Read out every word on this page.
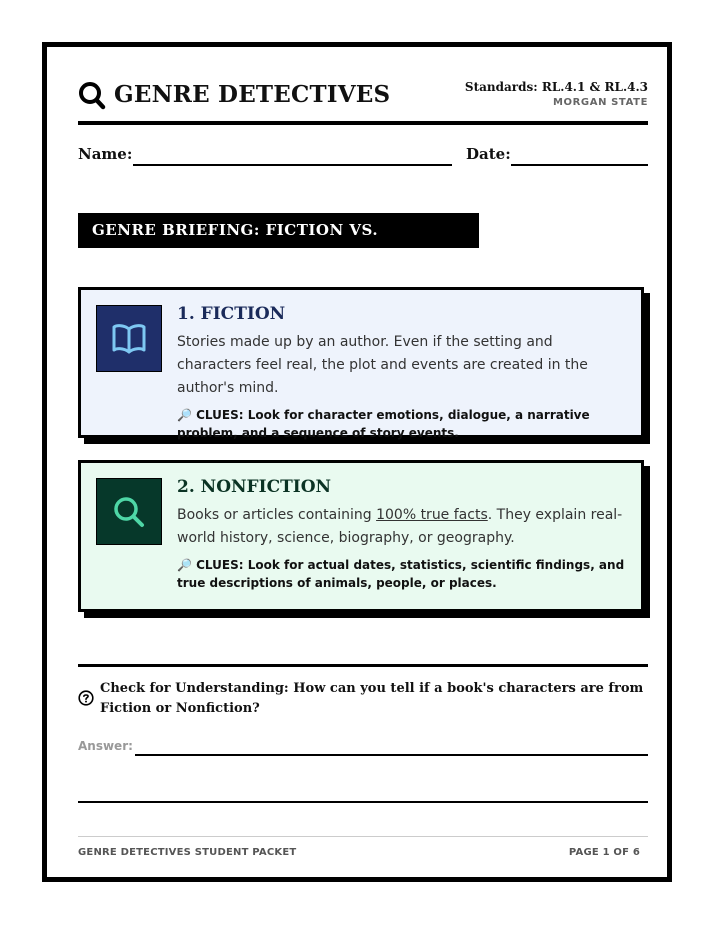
GENRE DETECTIVES	Standards: RL.4.1 & RL.4.3
MORGAN STATE
Name:	Date:
GENRE BRIEFING: FICTION VS. NONFICTION
1. FICTION
Stories made up by an author. Even if the setting and characters feel real, the plot and events are created in the author's mind.
🔎 CLUES: Look for character emotions, dialogue, a narrative problem, and a sequence of story events.
2. NONFICTION
Books or articles containing 100% true facts. They explain real-world history, science, biography, or geography.
🔎 CLUES: Look for actual dates, statistics, scientific findings, and true descriptions of animals, people, or places.
Check for Understanding: How can you tell if a book's characters are from Fiction or Nonfiction?
Answer:
GENRE DETECTIVES STUDENT PACKET	PAGE 1 OF 6
